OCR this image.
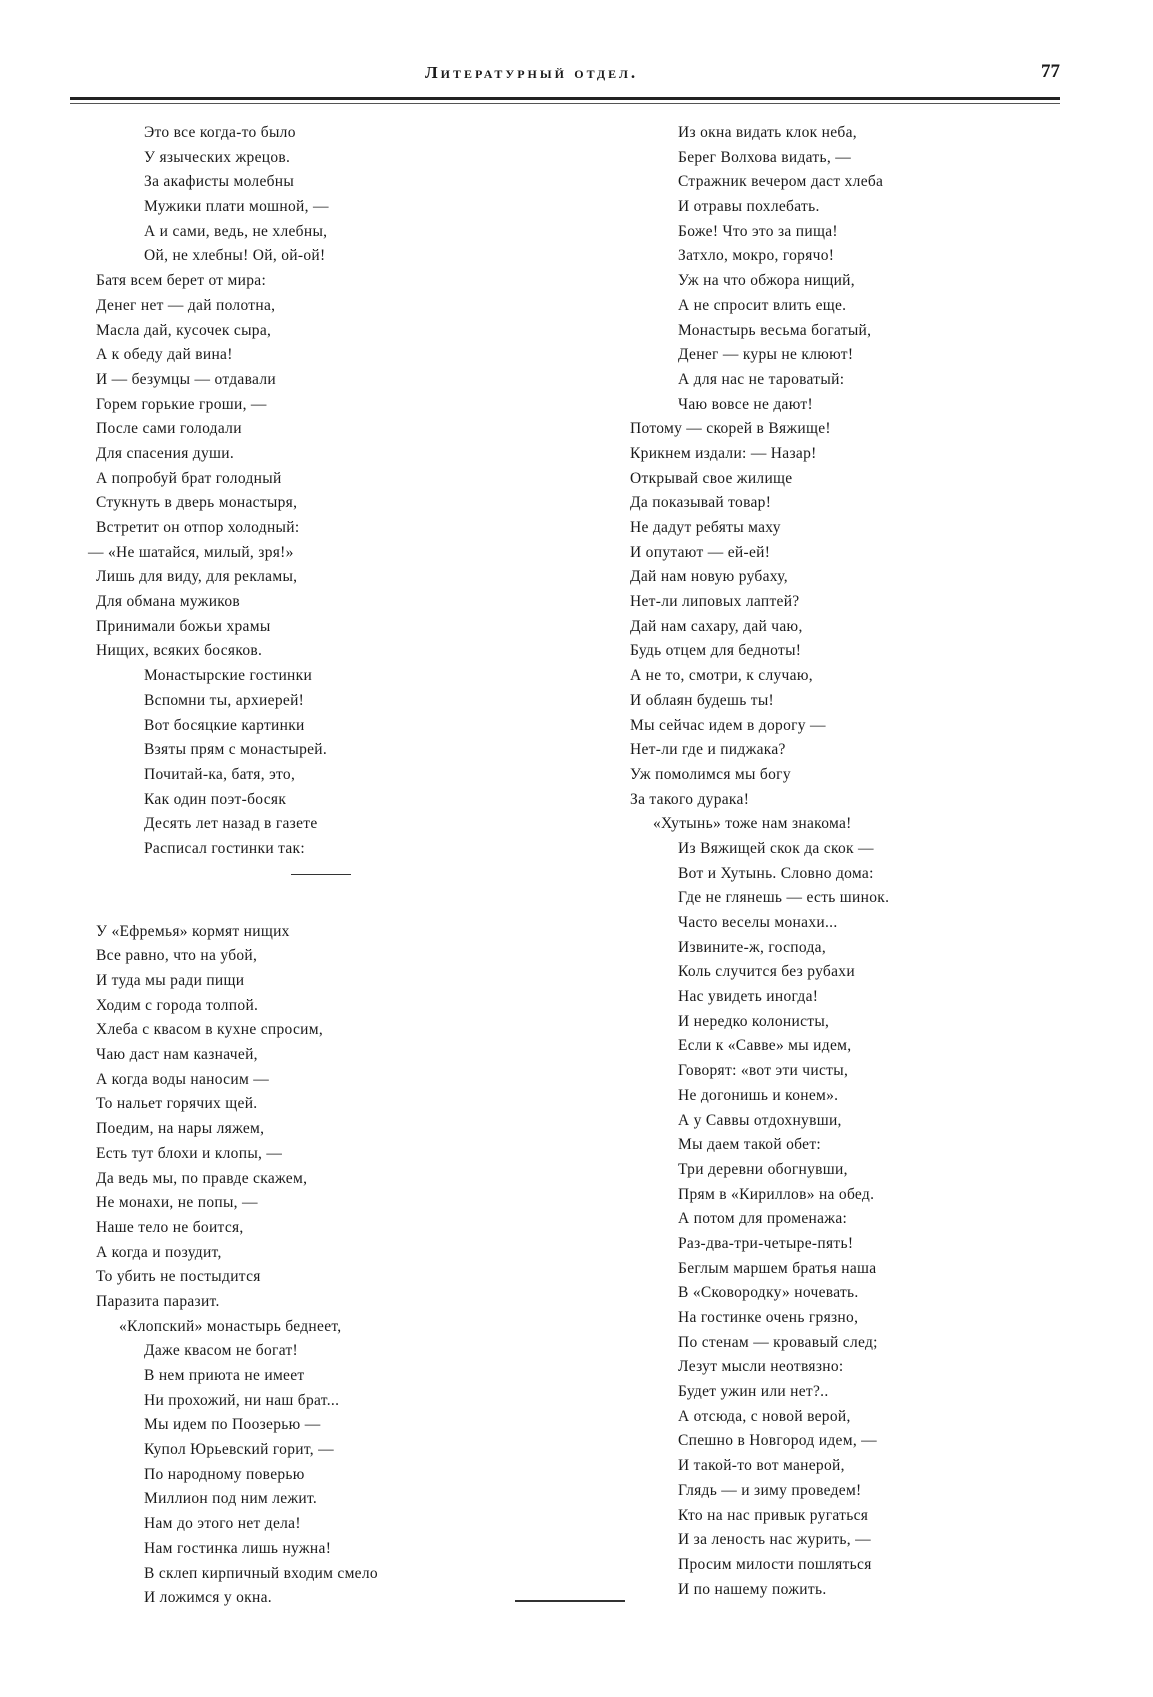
Литературный отдел.	77
Это все когда-то было
У языческих жрецов.
За акафисты молебны
Мужики плати мошной, —
А и сами, ведь, не хлебны,
Ой, не хлебны! Ой, ой-ой!
Батя всем берет от мира:
Денег нет — дай полотна,
Масла дай, кусочек сыра,
А к обеду дай вина!
И — безумцы — отдавали
Горем горькие гроши, —
После сами голодали
Для спасения души.
А попробуй брат голодный
Стукнуть в дверь монастыря,
Встретит он отпор холодный:
— «Не шатайся, милый, зря!»
Лишь для виду, для рекламы,
Для обмана мужиков
Принимали божьи храмы
Нищих, всяких босяков.
Монастырские гостинки
Вспомни ты, архиерей!
Вот босяцкие картинки
Взяты прям с монастырей.
Почитай-ка, батя, это,
Как один поэт-босяк
Десять лет назад в газете
Расписал гостинки так:
У «Ефремья» кормят нищих
Все равно, что на убой,
И туда мы ради пищи
Ходим с города толпой.
Хлеба с квасом в кухне спросим,
Чаю даст нам казначей,
А когда воды наносим —
То нальет горячих щей.
Поедим, на нары ляжем,
Есть тут блохи и клопы, —
Да ведь мы, по правде скажем,
Не монахи, не попы, —
Наше тело не боится,
А когда и позудит,
То убить не постыдится
Паразита паразит.
«Клопский» монастырь беднеет,
Даже квасом не богат!
В нем приюта не имеет
Ни прохожий, ни наш брат...
Мы идем по Поозерью —
Купол Юрьевский горит, —
По народному поверью
Миллион под ним лежит.
Нам до этого нет дела!
Нам гостинка лишь нужна!
В склеп кирпичный входим смело
И ложимся у окна.
Из окна видать клок неба,
Берег Волхова видать, —
Стражник вечером даст хлеба
И отравы похлебать.
Боже! Что это за пища!
Затхло, мокро, горячо!
Уж на что обжора нищий,
А не спросит влить еще.
Монастырь весьма богатый,
Денег — куры не клюют!
А для нас не тароватый:
Чаю вовсе не дают!
Потому — скорей в Вяжище!
Крикнем издали: — Назар!
Открывай свое жилище
Да показывай товар!
Не дадут ребяты маху
И опутают — ей-ей!
Дай нам новую рубаху,
Нет-ли липовых лаптей?
Дай нам сахару, дай чаю,
Будь отцем для бедноты!
А не то, смотри, к случаю,
И облаян будешь ты!
Мы сейчас идем в дорогу —
Нет-ли где и пиджака?
Уж помолимся мы богу
За такого дурака!
«Хутынь» тоже нам знакома!
Из Вяжищей скок да скок —
Вот и Хутынь. Словно дома:
Где не глянешь — есть шинок.
Часто веселы монахи...
Извините-ж, господа,
Коль случится без рубахи
Нас увидеть иногда!
И нередко колонисты,
Если к «Савве» мы идем,
Говорят: «вот эти чисты,
Не догонишь и конем».
А у Саввы отдохнувши,
Мы даем такой обет:
Три деревни обогнувши,
Прям в «Кириллов» на обед.
А потом для променажа:
Раз-два-три-четыре-пять!
Беглым маршем братья наша
В «Сковородку» ночевать.
На гостинке очень грязно,
По стенам — кровавый след;
Лезут мысли неотвязно:
Будет ужин или нет?..
А отсюда, с новой верой,
Спешно в Новгород идем, —
И такой-то вот манерой,
Глядь — и зиму проведем!
Кто на нас привык ругаться
И за леность нас журить, —
Просим милости пошляться
И по нашему пожить.
